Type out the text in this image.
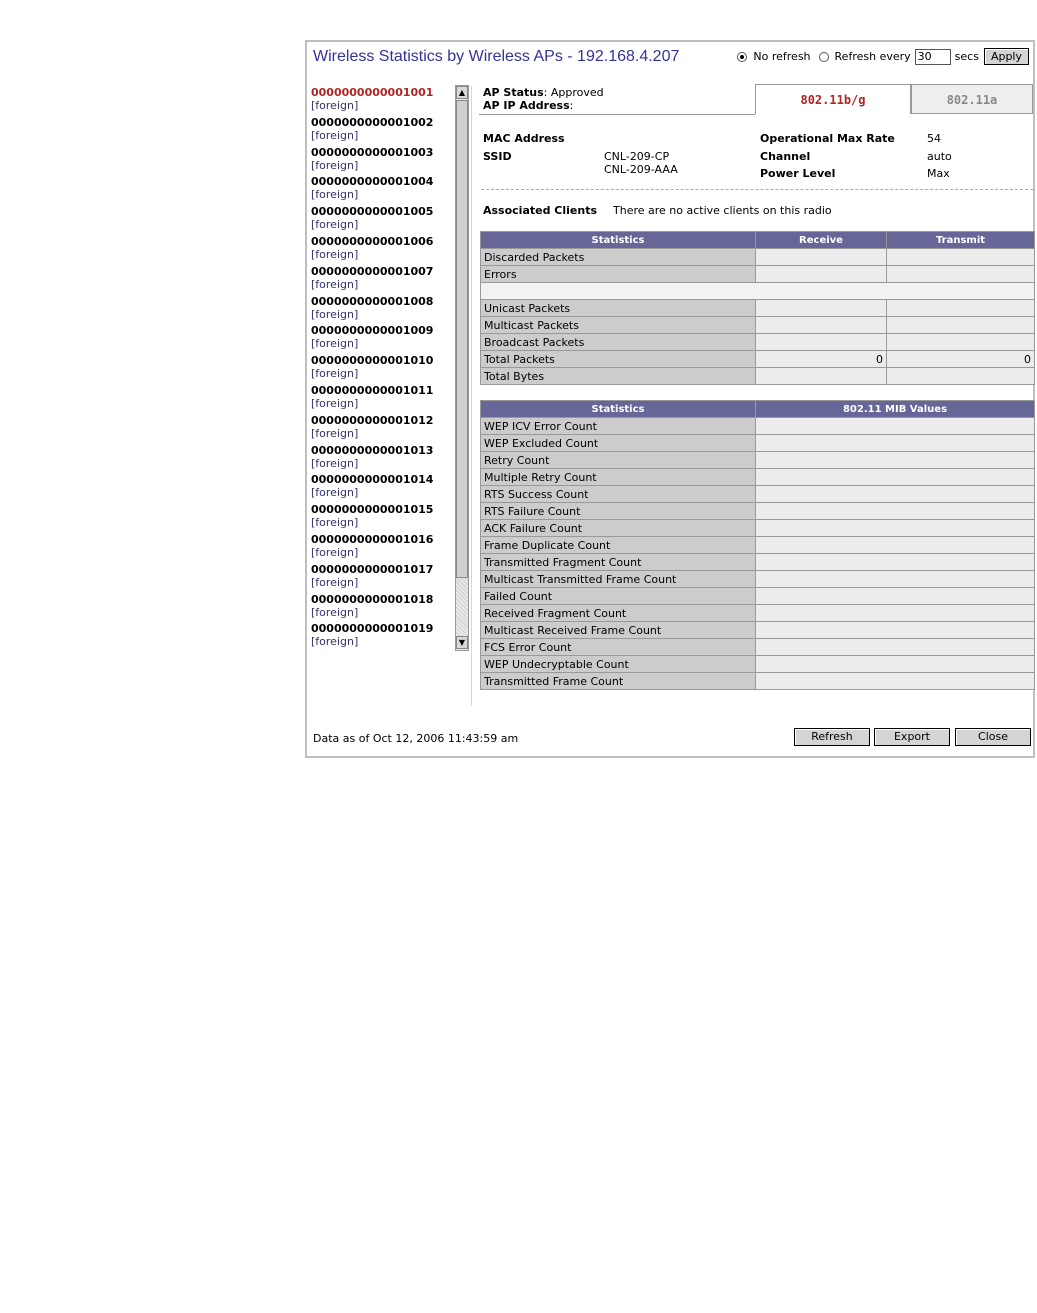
Wireless Statistics by Wireless APs - 192.168.4.207	No refresh Refresh every
30	secs	Apply
0000000000001001
[foreign]
0000000000001002
[foreign]
0000000000001003
[foreign]
0000000000001004
[foreign]
0000000000001005
[foreign]
0000000000001006
[foreign]
0000000000001007
[foreign]
0000000000001008
[foreign]
0000000000001009
[foreign]
0000000000001010
[foreign]
0000000000001011
[foreign]
0000000000001012
[foreign]
0000000000001013
[foreign]
0000000000001014
[foreign]
0000000000001015
[foreign]
0000000000001016
[foreign]
0000000000001017
[foreign]
0000000000001018
[foreign]
0000000000001019
[foreign]
▲
▼
AP Status: Approved
AP IP Address:	802.11b/g	802.11a
MAC Address
SSID	CNL-209-CP
CNL-209-AAA
Operational Max Rate	54
Channel	auto
Power Level	Max
Associated Clients There are no active clients on this radio
Statistics	Receive	Transmit
Discarded Packets		
Errors		

Unicast Packets		
Multicast Packets		
Broadcast Packets		
Total Packets	0	0
Total Bytes		
Statistics	802.11 MIB Values
WEP ICV Error Count	
WEP Excluded Count	
Retry Count	
Multiple Retry Count	
RTS Success Count	
RTS Failure Count	
ACK Failure Count	
Frame Duplicate Count	
Transmitted Fragment Count	
Multicast Transmitted Frame Count	
Failed Count	
Received Fragment Count	
Multicast Received Frame Count	
FCS Error Count	
WEP Undecryptable Count	
Transmitted Frame Count	
Data as of Oct 12, 2006 11:43:59 am	Refresh	Export	Close
